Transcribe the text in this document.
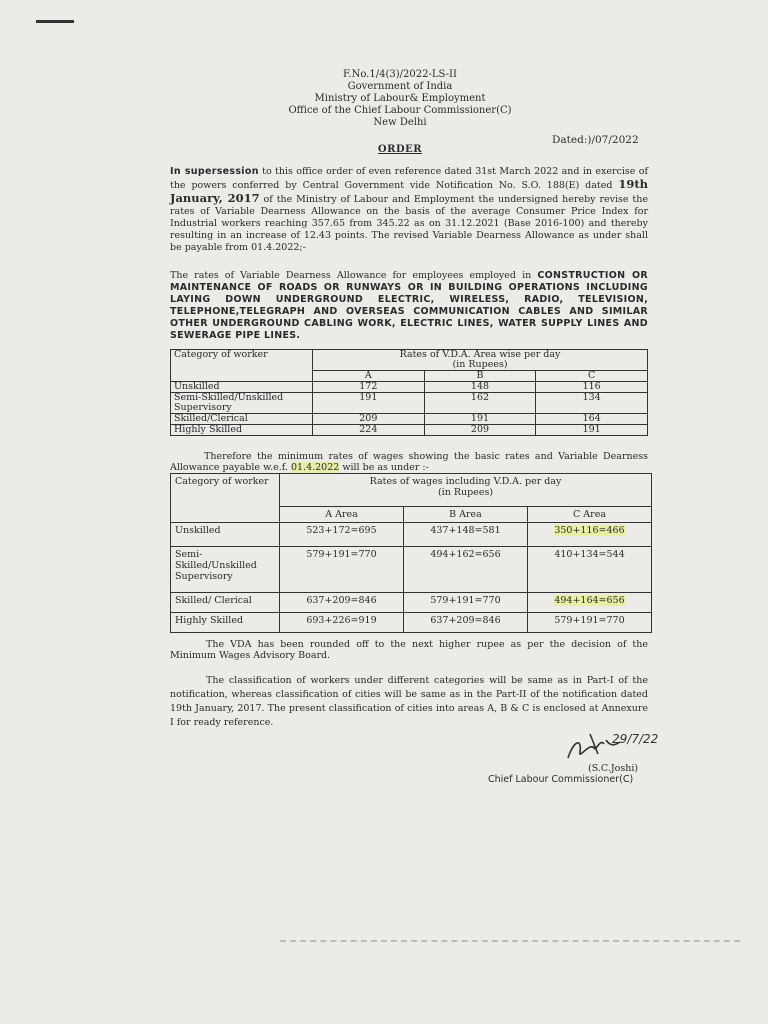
F.No.1/4(3)/2022-LS-II
Government of India
Ministry of Labour& Employment
Office of the Chief Labour Commissioner(C)
New Delhi
Dated:)/07/2022
ORDER
In supersession to this office order of even reference dated 31st March 2022 and in exercise of the powers conferred by Central Government vide Notification No. S.O. 188(E) dated 19th January, 2017 of the Ministry of Labour and Employment the undersigned hereby revise the rates of Variable Dearness Allowance on the basis of the average Consumer Price Index for Industrial workers reaching 357.65 from 345.22 as on 31.12.2021 (Base 2016-100) and thereby resulting in an increase of 12.43 points. The revised Variable Dearness Allowance as under shall be payable from 01.4.2022;-
The rates of Variable Dearness Allowance for employees employed in CONSTRUCTION OR MAINTENANCE OF ROADS OR RUNWAYS OR IN BUILDING OPERATIONS INCLUDING LAYING DOWN UNDERGROUND ELECTRIC, WIRELESS, RADIO, TELEVISION, TELEPHONE,TELEGRAPH AND OVERSEAS COMMUNICATION CABLES AND SIMILAR OTHER UNDERGROUND CABLING WORK, ELECTRIC LINES, WATER SUPPLY LINES AND SEWERAGE PIPE LINES.
Category of worker	Rates of V.D.A. Area wise per day
(in Rupees)		

	A	B	C
Unskilled	172	148	116
Semi-Skilled/Unskilled Supervisory	191	162	134
Skilled/Clerical	209	191	164
Highly Skilled	224	209	191
Therefore the minimum rates of wages showing the basic rates and Variable Dearness Allowance payable w.e.f. 01.4.2022 will be as under :-
Category of worker	Rates of wages including V.D.A. per day
(in Rupees)		

	A Area	B Area	C Area
Unskilled	523+172=695	437+148=581	350+116=466
Semi-Skilled/Unskilled Supervisory	579+191=770	494+162=656	410+134=544
Skilled/ Clerical	637+209=846	579+191=770	494+164=656
Highly Skilled	693+226=919	637+209=846	579+191=770
The VDA has been rounded off to the next higher rupee as per the decision of the Minimum Wages Advisory Board.
The classification of workers under different categories will be same as in Part-I of the notification, whereas classification of cities will be same as in the Part-II of the notification dated 19th January, 2017. The present classification of cities into areas A, B & C is enclosed at Annexure I for ready reference.
29/7/22
(S.C.Joshi)
Chief Labour Commissioner(C)
